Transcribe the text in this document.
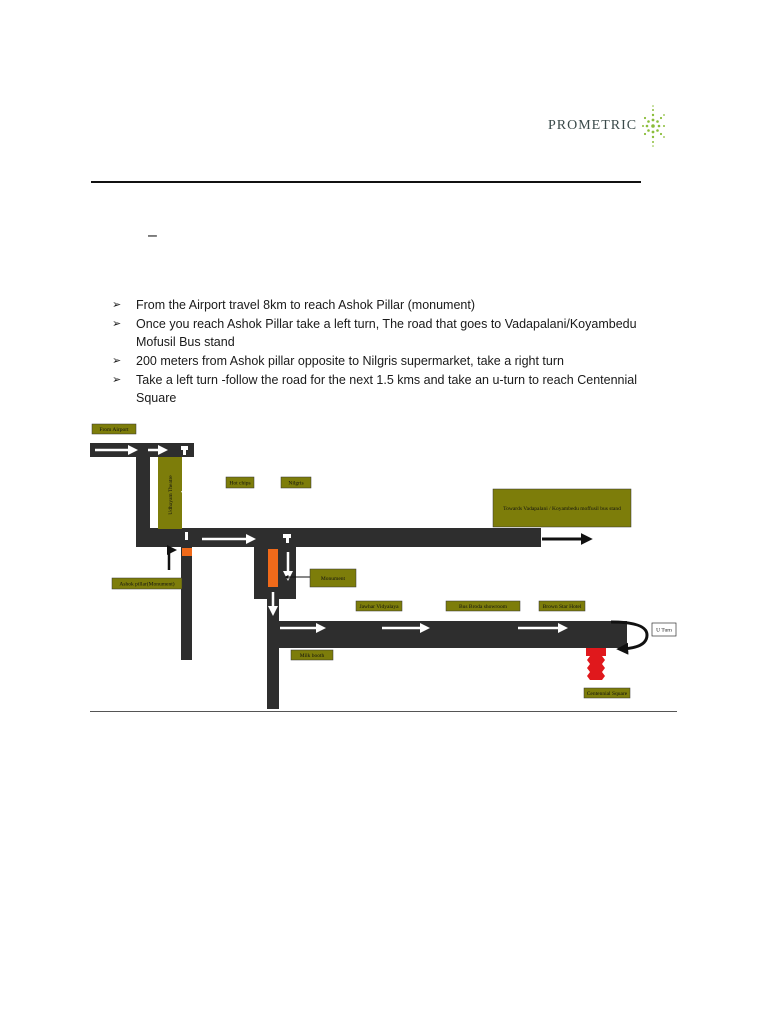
PROMETRIC
–
➢ From the Airport travel 8km to reach Ashok Pillar (monument)
➢ Once you reach Ashok Pillar take a left turn, The road that goes to Vadapalani/Koyambedu Mofusil Bus stand
➢ 200 meters from Ashok pillar opposite to Nilgris supermarket, take a right turn
➢ Take a left turn -follow the road for the next 1.5 kms and take an u-turn to reach Centennial Square
Udhayam Theatre
From Airport
Hot chips	Nilgris
Towards Vadapalani / Koyambedu moffusil bus stand
Ashok pillar(Monument)
Monument
Jawhar Vidyalaya	Bus Broda showroom	Brown Star Hotel
U Turn
Milk booth
Centennial Square
